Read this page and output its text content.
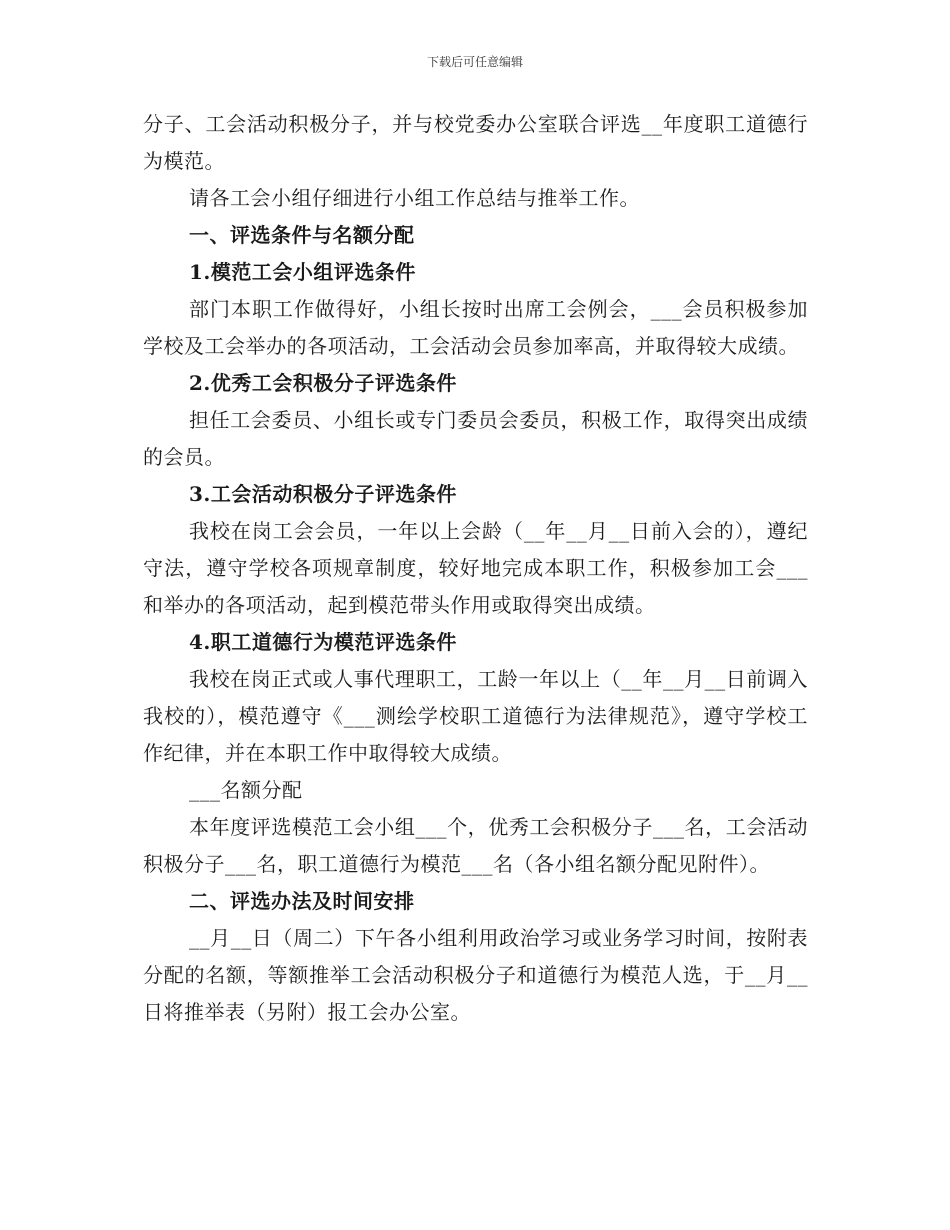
下载后可任意编辑

分子、工会活动积极分子，并与校党委办公室联合评选__年度职工道德行为模范。

请各工会小组仔细进行小组工作总结与推举工作。

一、评选条件与名额分配

1.模范工会小组评选条件

部门本职工作做得好，小组长按时出席工会例会，___会员积极参加学校及工会举办的各项活动，工会活动会员参加率高，并取得较大成绩。

2.优秀工会积极分子评选条件

担任工会委员、小组长或专门委员会委员，积极工作，取得突出成绩的会员。

3.工会活动积极分子评选条件

我校在岗工会会员，一年以上会龄（__年__月__日前入会的），遵纪守法，遵守学校各项规章制度，较好地完成本职工作，积极参加工会___和举办的各项活动，起到模范带头作用或取得突出成绩。

4.职工道德行为模范评选条件

我校在岗正式或人事代理职工，工龄一年以上（__年__月__日前调入我校的），模范遵守《___测绘学校职工道德行为法律规范》，遵守学校工作纪律，并在本职工作中取得较大成绩。

___名额分配

本年度评选模范工会小组___个，优秀工会积极分子___名，工会活动积极分子___名，职工道德行为模范___名（各小组名额分配见附件）。

二、评选办法及时间安排

__月__日（周二）下午各小组利用政治学习或业务学习时间，按附表分配的名额，等额推举工会活动积极分子和道德行为模范人选，于__月__日将推举表（另附）报工会办公室。
